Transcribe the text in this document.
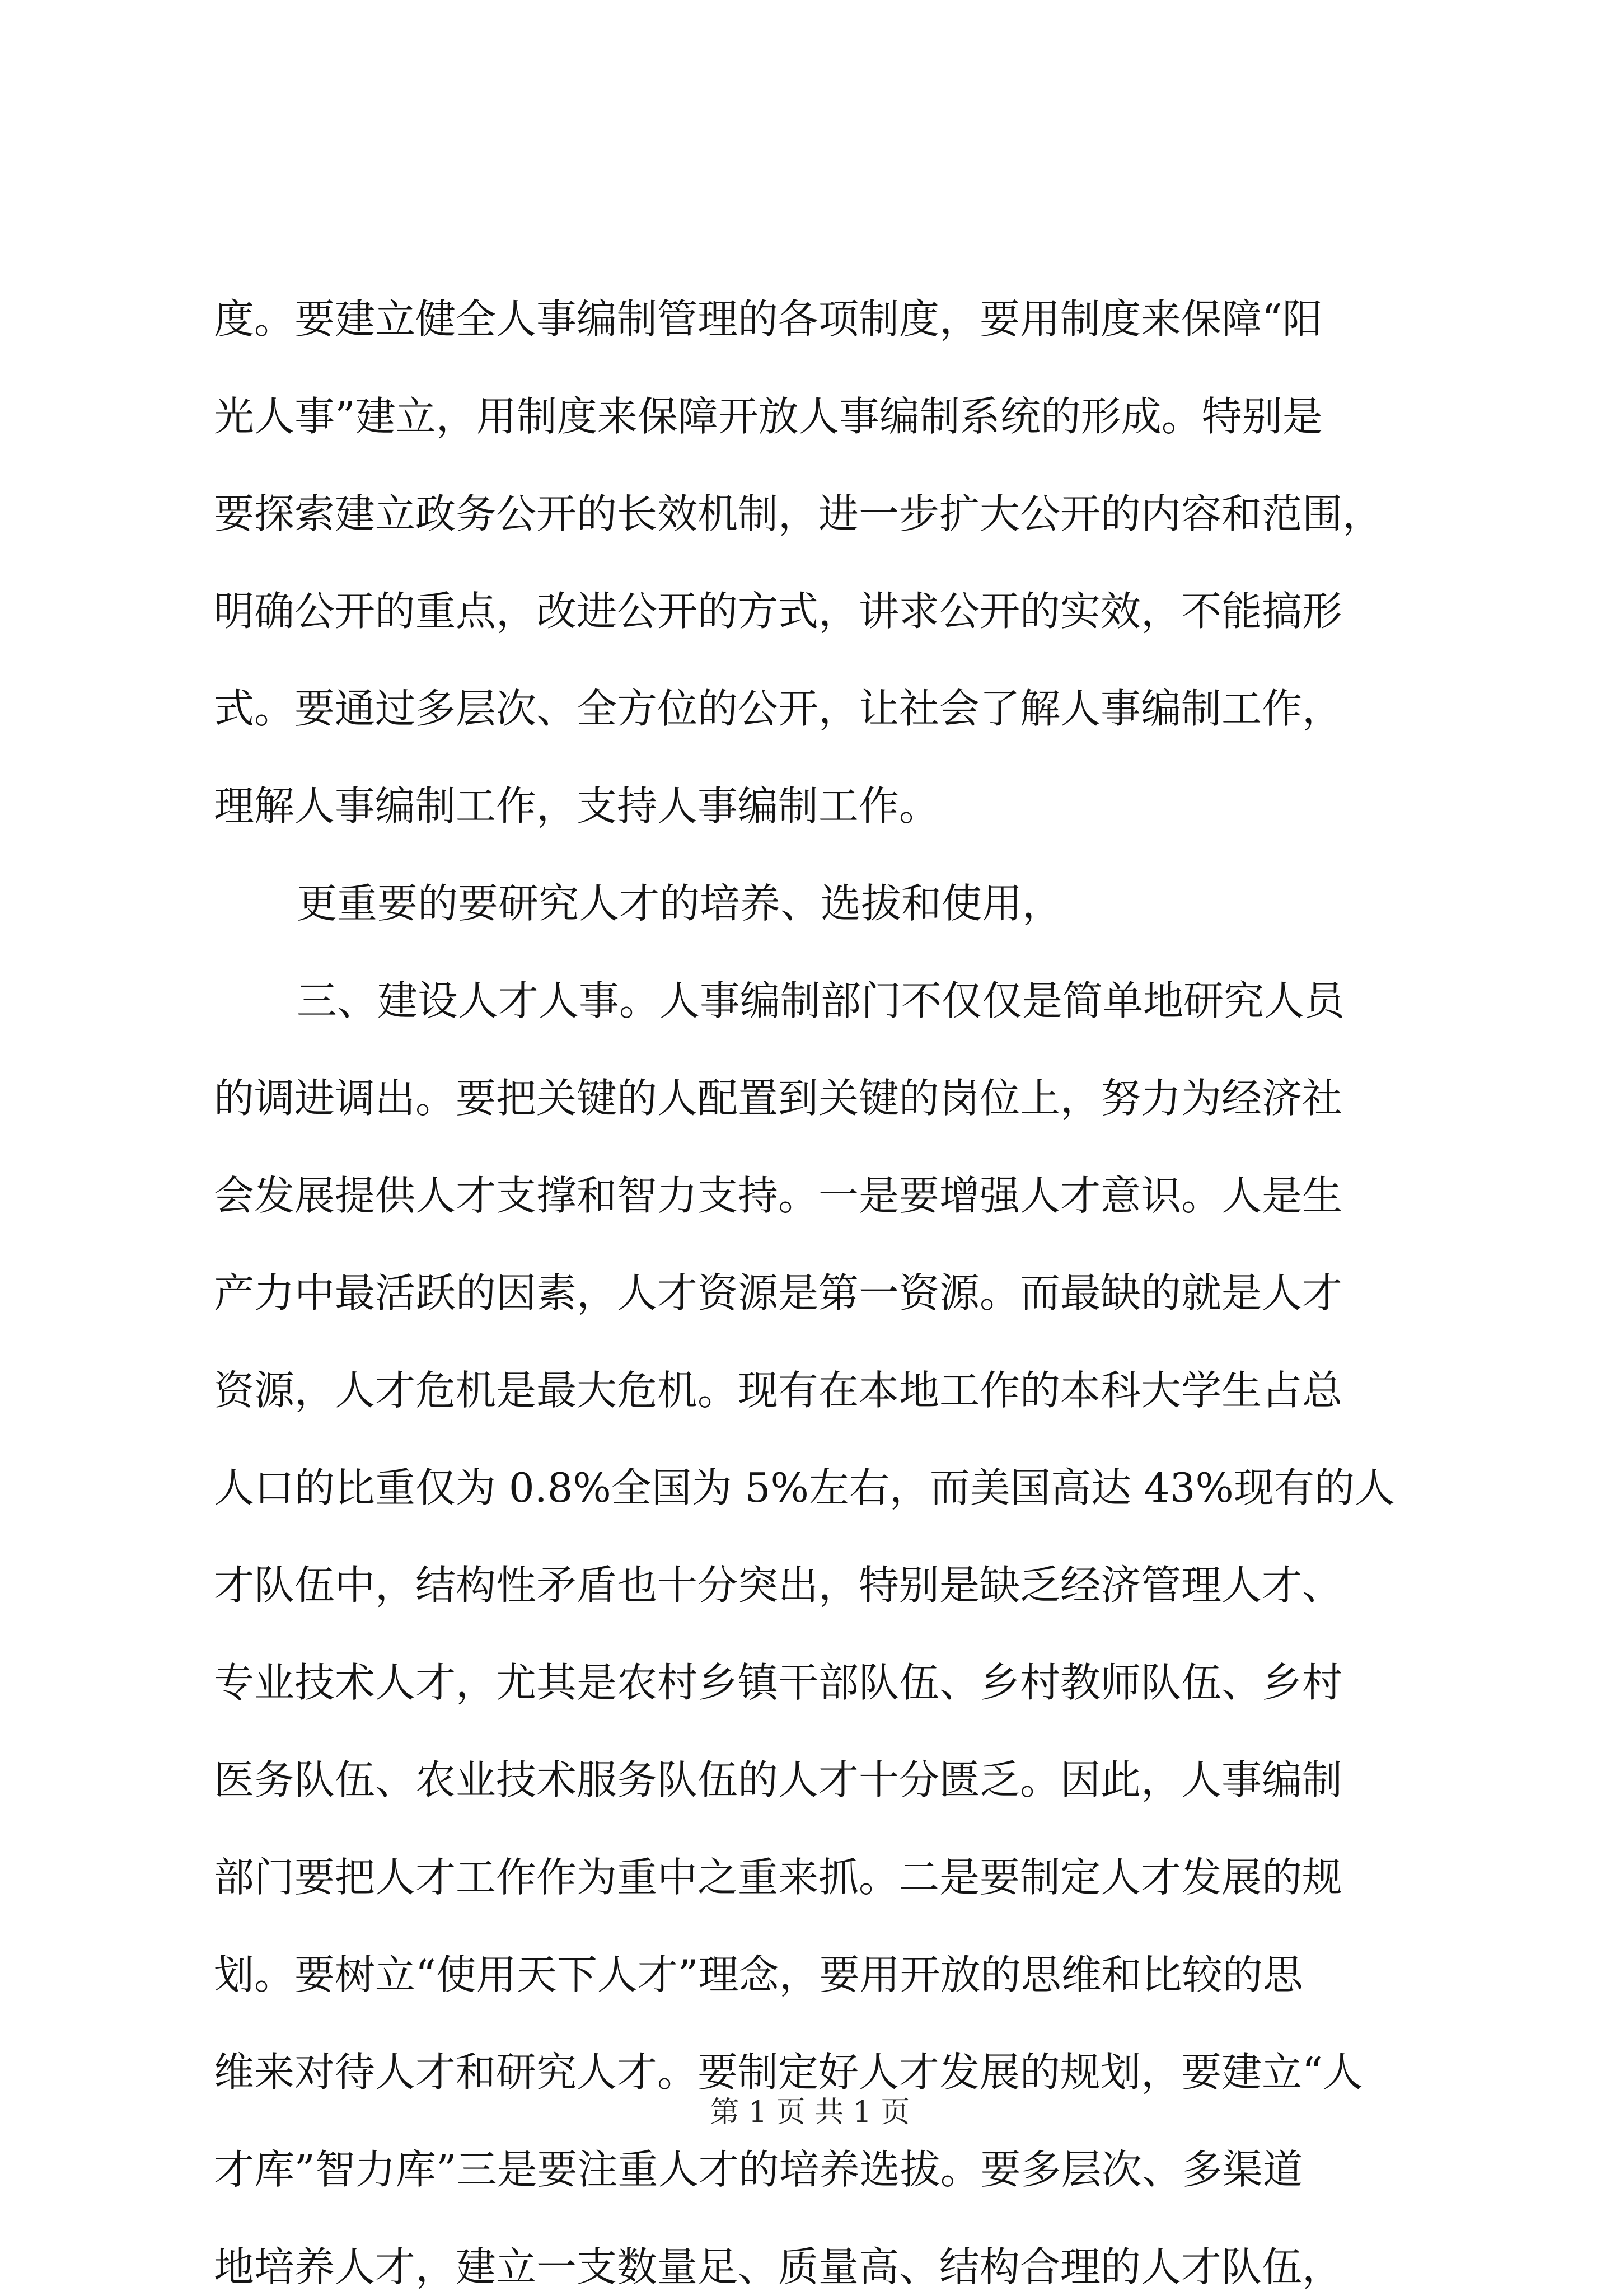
度。要建立健全人事编制管理的各项制度，要用制度来保障“阳
光人事”建立，用制度来保障开放人事编制系统的形成。特别是
要探索建立政务公开的长效机制，进一步扩大公开的内容和范围，
明确公开的重点，改进公开的方式，讲求公开的实效，不能搞形
式。要通过多层次、全方位的公开，让社会了解人事编制工作，
理解人事编制工作，支持人事编制工作。
更重要的要研究人才的培养、选拔和使用，
三、建设人才人事。人事编制部门不仅仅是简单地研究人员
的调进调出。要把关键的人配置到关键的岗位上，努力为经济社
会发展提供人才支撑和智力支持。一是要增强人才意识。人是生
产力中最活跃的因素，人才资源是第一资源。而最缺的就是人才
资源，人才危机是最大危机。现有在本地工作的本科大学生占总
人口的比重仅为 0.8%全国为 5%左右，而美国高达 43%现有的人
才队伍中，结构性矛盾也十分突出，特别是缺乏经济管理人才、
专业技术人才，尤其是农村乡镇干部队伍、乡村教师队伍、乡村
医务队伍、农业技术服务队伍的人才十分匮乏。因此，人事编制
部门要把人才工作作为重中之重来抓。二是要制定人才发展的规
划。要树立“使用天下人才”理念，要用开放的思维和比较的思
维来对待人才和研究人才。要制定好人才发展的规划，要建立“人
才库”智力库”三是要注重人才的培养选拔。要多层次、多渠道
地培养人才，建立一支数量足、质量高、结构合理的人才队伍，
第 1 页 共 1 页
